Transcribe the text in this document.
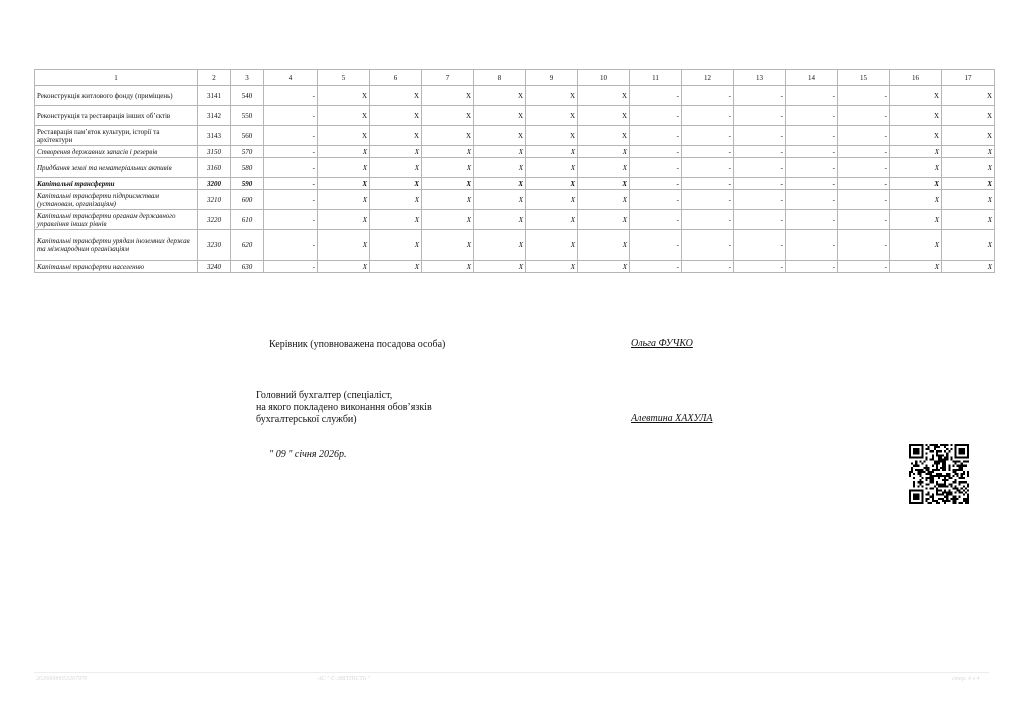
1	2	3	4	5	6	7	8	9	10	11	12	13	14	15	16	17
Реконструкція житлового фонду (приміщень)	3141	540	-	X	X	X	X	X	X	-	-	-	-	-	X	X
Реконструкція та реставрація інших об’єктів	3142	550	-	X	X	X	X	X	X	-	-	-	-	-	X	X
Реставрація пам’яток культури, історії та архітектури	3143	560	-	X	X	X	X	X	X	-	-	-	-	-	X	X
Створення державних запасів і резервів	3150	570	-	X	X	X	X	X	X	-	-	-	-	-	X	X
Придбання землі та нематеріальних активів	3160	580	-	X	X	X	X	X	X	-	-	-	-	-	X	X
Капітальні трансферти	3200	590	-	X	X	X	X	X	X	-	-	-	-	-	X	X
Капітальні трансферти підприємствам (установам, організаціям)	3210	600	-	X	X	X	X	X	X	-	-	-	-	-	X	X
Капітальні трансферти органам державного управління інших рівнів	3220	610	-	X	X	X	X	X	X	-	-	-	-	-	X	X
Капітальні трансферти урядам іноземних держав та міжнародним організаціям	3230	620	-	X	X	X	X	X	X	-	-	-	-	-	X	X
Капітальні трансферти населенню	3240	630	-	X	X	X	X	X	X	-	-	-	-	-	X	X
Керівник (уповноважена посадова особа)	Ольга ФУЧКО
Головний бухгалтер (спеціаліст,
на якого покладено виконання обов’язків
бухгалтерської служби)	Алевтина ХАХУЛА
" 09 " січня 2026р.
20260000053307979	АС " Є-ЗВІТНІСТЬ "	стор. 4 з 4
